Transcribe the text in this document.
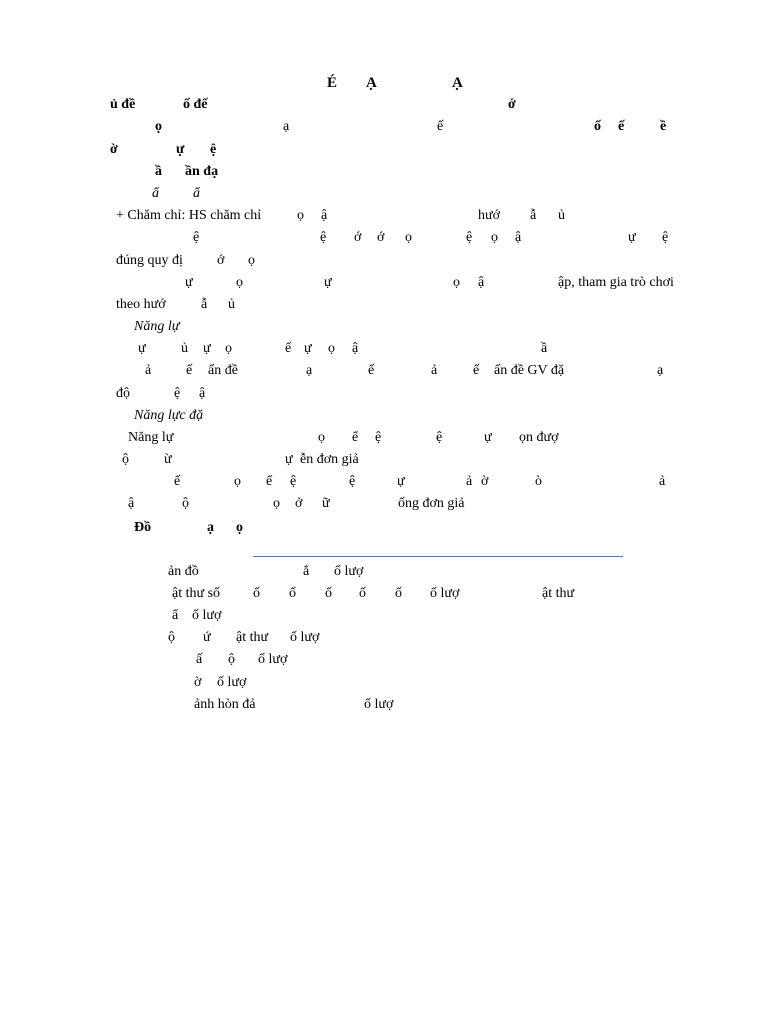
É Ạ	Ạ
ủ đề	ố đế	ớ
ọ	ạ	ế	ố ế	ề
ờ	ự ệ
ầ ần đạ
ẩ ẩ
+ Chăm chỉ: HS chăm chỉ	ọ ậ	hướ ẫ ủ
ệ	ệ ớ ớ ọ	ệ ọ ậ	ự ệ
đúng quy đị ớ ọ
ự	ọ	ự	ọ ậ	ập, tham gia trò chơi
theo hướ	ẫ ủ
Năng lự
ự	ủ ự ọ	ế ự ọ ậ	ầ
ả ế ấn đề	ạ	ế	ả	ế ấn đề GV đặ	ạ
độ	ệ ậ
Năng lực đặ
Năng lự	ọ ể ệ	ệ	ự ọn đượ
ộ	ừ	ự ễn đơn giả
ế	ọ ể ệ	ệ	ự	ả ờ	ò	ả
ậ	ộ	ọ ở ữ	ống đơn giả
Đồ	ạ ọ
ản đồ	ắ ố lượ
ật thư số ố ố ố ố ố ố lượ	ật thư
ẩ ố lượ
ộ ứ ật thư ố lượ
ấ ộ ố lượ
ờ ố lượ
ảnh hòn đả	ố lượ
